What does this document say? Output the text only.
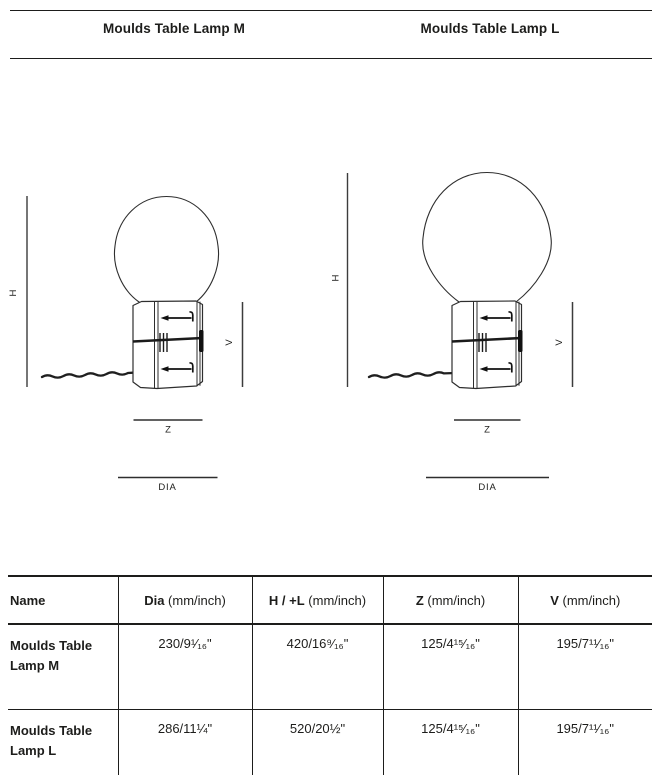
Moulds Table Lamp M	Moulds Table Lamp L
H
V
Z
DIA
H
V
Z
DIA
Name	Dia (mm/inch)	H / +L (mm/inch)	Z (mm/inch)	V (mm/inch)
Moulds Table Lamp M	230/9¹⁄₁₆"	420/16⁹⁄₁₆"	125/4¹⁵⁄₁₆"	195/7¹¹⁄₁₆"
Moulds Table Lamp L	286/11¼"	520/20½"	125/4¹⁵⁄₁₆"	195/7¹¹⁄₁₆"
